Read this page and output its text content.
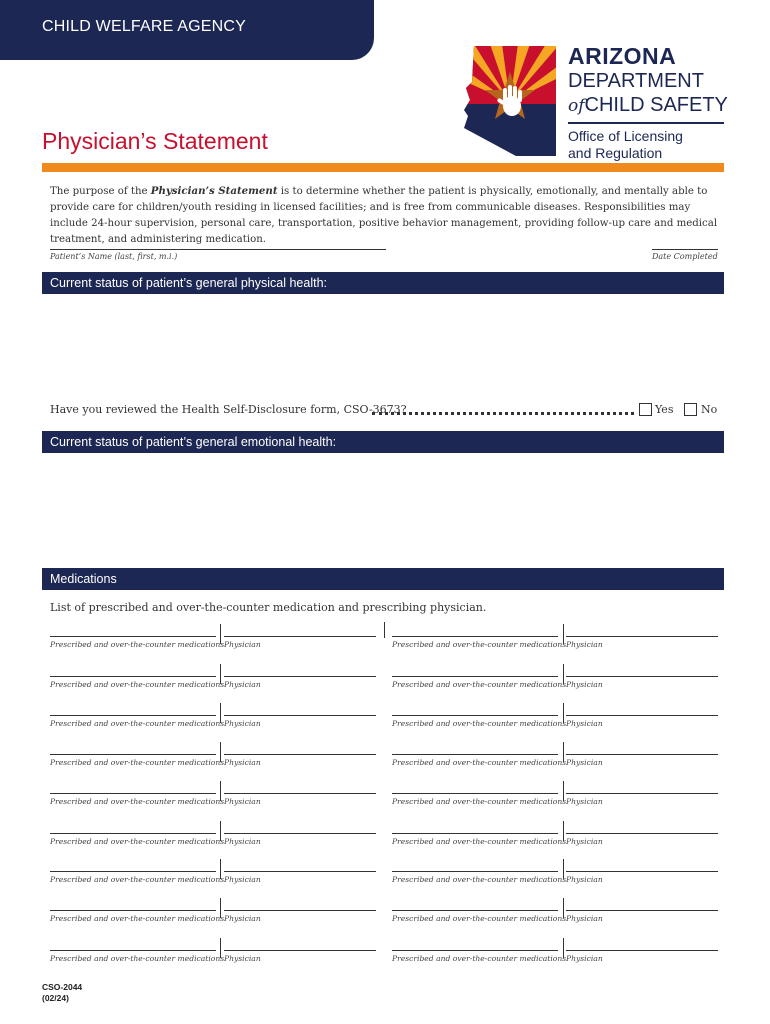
CHILD WELFARE AGENCY
ARIZONA
DEPARTMENT
ofCHILD SAFETY
Office of Licensing
and Regulation
Physician’s Statement
The purpose of the Physician’s Statement is to determine whether the patient is physically, emotionally, and mentally able to provide care for children/youth residing in licensed facilities; and is free from communicable diseases. Responsibilities may include 24-hour supervision, personal care, transportation, positive behavior management, providing follow-up care and medical treatment, and administering medication.
Patient’s Name (last, first, m.i.)	Date Completed
Current status of patient’s general physical health:
Have you reviewed the Health Self-Disclosure form, CSO-3673?	Yes	No
Current status of patient’s general emotional health:
Medications
List of prescribed and over-the-counter medication and prescribing physician.
Prescribed and over-the-counter medications Physician	Prescribed and over-the-counter medications Physician
Prescribed and over-the-counter medications Physician	Prescribed and over-the-counter medications Physician
Prescribed and over-the-counter medications Physician	Prescribed and over-the-counter medications Physician
Prescribed and over-the-counter medications Physician	Prescribed and over-the-counter medications Physician
Prescribed and over-the-counter medications Physician	Prescribed and over-the-counter medications Physician
Prescribed and over-the-counter medications Physician	Prescribed and over-the-counter medications Physician
Prescribed and over-the-counter medications Physician	Prescribed and over-the-counter medications Physician
Prescribed and over-the-counter medications Physician	Prescribed and over-the-counter medications Physician
Prescribed and over-the-counter medications Physician	Prescribed and over-the-counter medications Physician
CSO-2044
(02/24)
